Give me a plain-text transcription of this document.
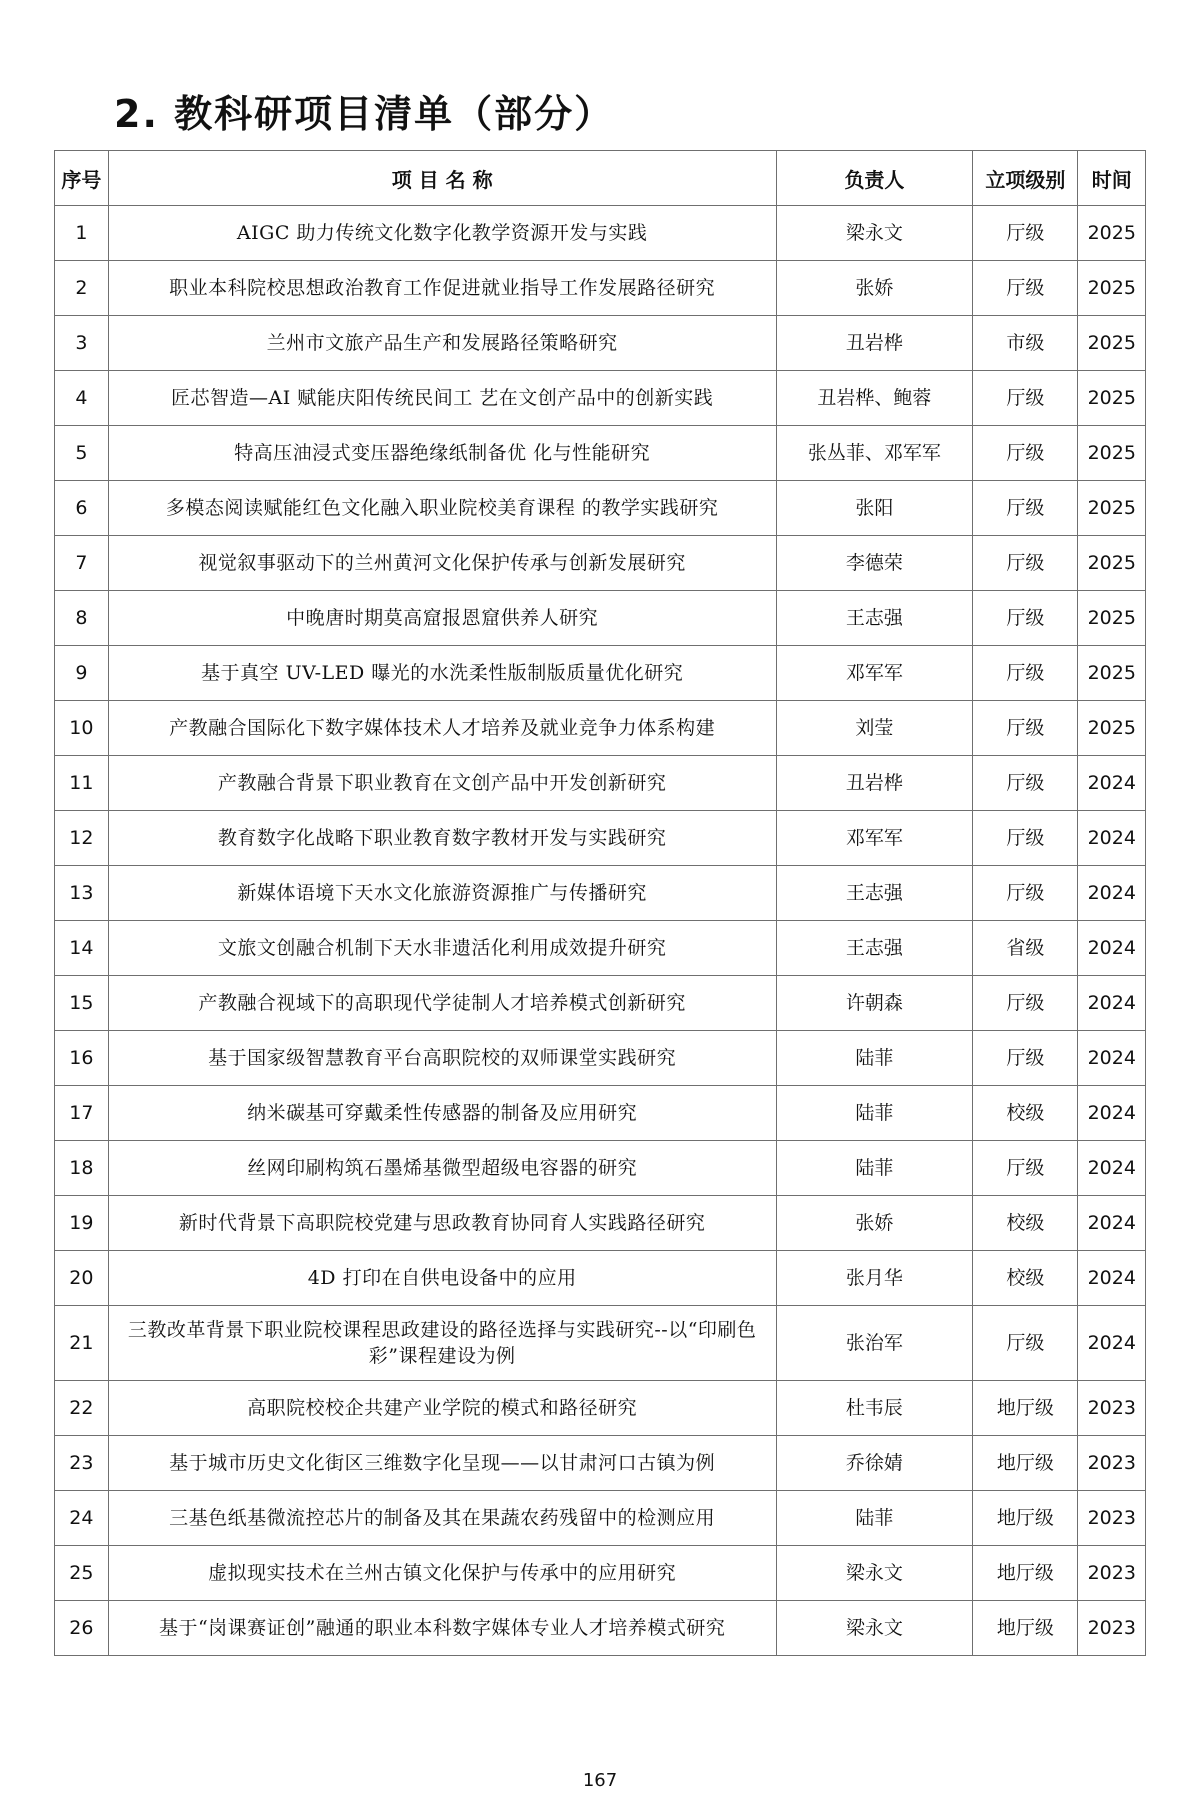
2. 教科研项目清单（部分）
序号	项 目 名 称	负责人	立项级别	时间
1	AIGC 助力传统文化数字化教学资源开发与实践	梁永文	厅级	2025
2	职业本科院校思想政治教育工作促进就业指导工作发展路径研究	张娇	厅级	2025
3	兰州市文旅产品生产和发展路径策略研究	丑岩桦	市级	2025
4	匠芯智造—AI 赋能庆阳传统民间工 艺在文创产品中的创新实践	丑岩桦、鲍蓉	厅级	2025
5	特高压油浸式变压器绝缘纸制备优 化与性能研究	张丛菲、邓军军	厅级	2025
6	多模态阅读赋能红色文化融入职业院校美育课程 的教学实践研究	张阳	厅级	2025
7	视觉叙事驱动下的兰州黄河文化保护传承与创新发展研究	李德荣	厅级	2025
8	中晚唐时期莫高窟报恩窟供养人研究	王志强	厅级	2025
9	基于真空 UV-LED 曝光的水洗柔性版制版质量优化研究	邓军军	厅级	2025
10	产教融合国际化下数字媒体技术人才培养及就业竞争力体系构建	刘莹	厅级	2025
11	产教融合背景下职业教育在文创产品中开发创新研究	丑岩桦	厅级	2024
12	教育数字化战略下职业教育数字教材开发与实践研究	邓军军	厅级	2024
13	新媒体语境下天水文化旅游资源推广与传播研究	王志强	厅级	2024
14	文旅文创融合机制下天水非遗活化利用成效提升研究	王志强	省级	2024
15	产教融合视域下的高职现代学徒制人才培养模式创新研究	许朝森	厅级	2024
16	基于国家级智慧教育平台高职院校的双师课堂实践研究	陆菲	厅级	2024
17	纳米碳基可穿戴柔性传感器的制备及应用研究	陆菲	校级	2024
18	丝网印刷构筑石墨烯基微型超级电容器的研究	陆菲	厅级	2024
19	新时代背景下高职院校党建与思政教育协同育人实践路径研究	张娇	校级	2024
20	4D 打印在自供电设备中的应用	张月华	校级	2024
21	三教改革背景下职业院校课程思政建设的路径选择与实践研究--以“印刷色彩”课程建设为例	张治军	厅级	2024
22	高职院校校企共建产业学院的模式和路径研究	杜韦辰	地厅级	2023
23	基于城市历史文化街区三维数字化呈现——以甘肃河口古镇为例	乔徐婧	地厅级	2023
24	三基色纸基微流控芯片的制备及其在果蔬农药残留中的检测应用	陆菲	地厅级	2023
25	虚拟现实技术在兰州古镇文化保护与传承中的应用研究	梁永文	地厅级	2023
26	基于“岗课赛证创”融通的职业本科数字媒体专业人才培养模式研究	梁永文	地厅级	2023
167
